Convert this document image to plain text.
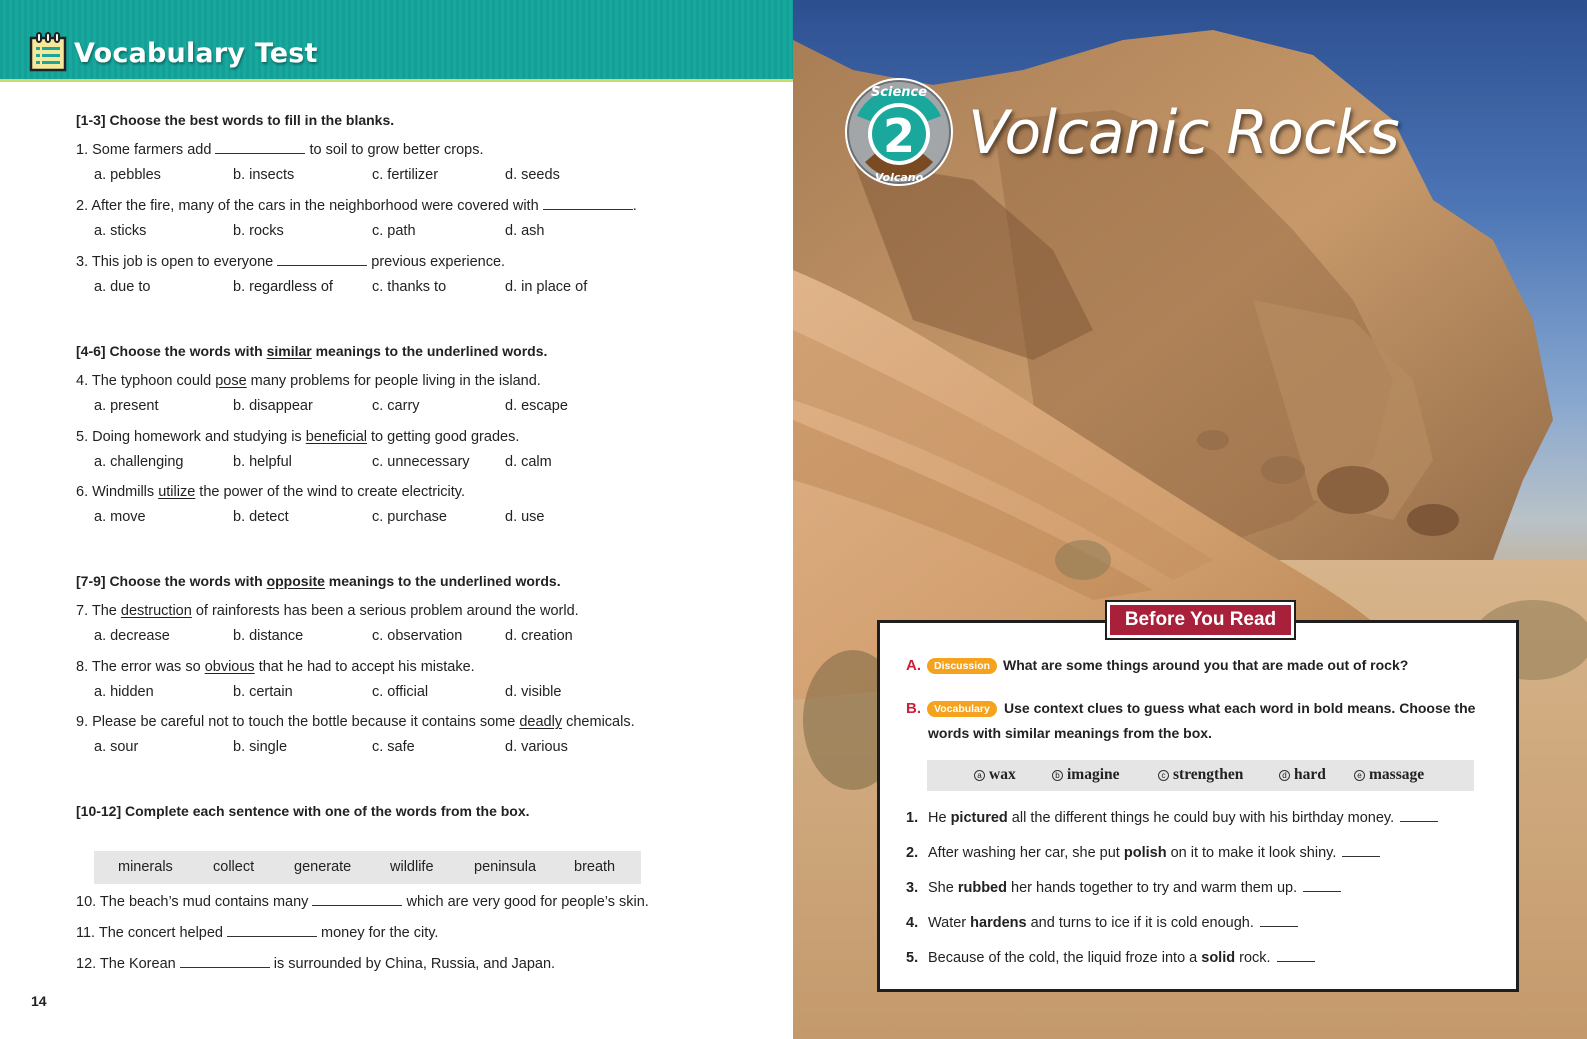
Vocabulary Test
[1-3] Choose the best words to fill in the blanks.
1. Some farmers add	to soil to grow better crops.
a. pebbles	b. insects	c. fertilizer	d. seeds
2. After the fire, many of the cars in the neighborhood were covered with	.
a. sticks	b. rocks	c. path	d. ash
3. This job is open to everyone	previous experience.
a. due to	b. regardless of	c. thanks to	d. in place of
[4-6] Choose the words with similar meanings to the underlined words.
4. The typhoon could pose many problems for people living in the island.
a. present	b. disappear	c. carry	d. escape
5. Doing homework and studying is beneficial to getting good grades.
a. challenging	b. helpful	c. unnecessary d. calm
6. Windmills utilize the power of the wind to create electricity.
a. move	b. detect	c. purchase	d. use
[7-9] Choose the words with opposite meanings to the underlined words.
7. The destruction of rainforests has been a serious problem around the world.
a. decrease	b. distance	c. observation	d. creation
8. The error was so obvious that he had to accept his mistake.
a. hidden	b. certain	c. official	d. visible
9. Please be careful not to touch the bottle because it contains some deadly chemicals.
a. sour	b. single	c. safe	d. various
[10-12] Complete each sentence with one of the words from the box.
minerals	collect	generate	wildlife	peninsula	breath
10. The beach’s mud contains many	which are very good for people’s skin.
11. The concert helped	money for the city.
12. The Korean	is surrounded by China, Russia, and Japan.
14
Science
2
Volcano
Volcanic Rocks
Before You Read
A.	Discussion What are some things around you that are made out of rock?
B.	Vocabulary	Use context clues to guess what each word in bold means. Choose the
words with similar meanings from the box.
a wax	b imagine	c strengthen	d hard	e massage
1. He pictured all the different things he could buy with his birthday money.
2. After washing her car, she put polish on it to make it look shiny.
3. She rubbed her hands together to try and warm them up.
4. Water hardens and turns to ice if it is cold enough.
5. Because of the cold, the liquid froze into a solid rock.
